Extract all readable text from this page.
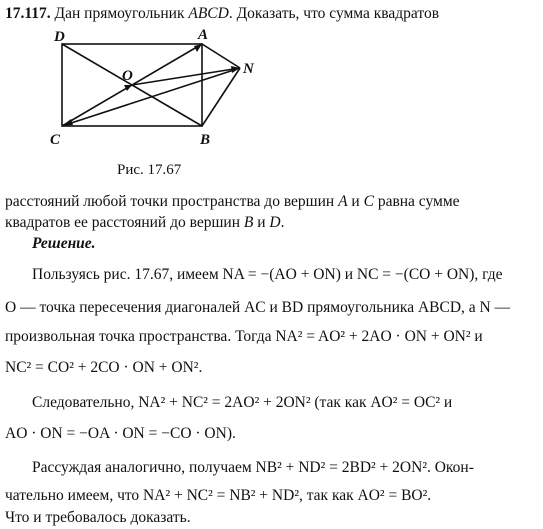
17.117. Дан прямоугольник ABCD. Доказать, что сумма квадратов
D	A
O	N
C	B
Рис. 17.67
расстояний любой точки пространства до вершин A и C равна сумме
квадратов ее расстояний до вершин B и D.
Решение.
Пользуясь рис. 17.67, имеем NA = −(AO + ON) и NC = −(CO + ON), где
O — точка пересечения диагоналей AC и BD прямоугольника ABCD, а N —
произвольная точка пространства. Тогда NA² = AO² + 2AO · ON + ON² и
NC² = CO² + 2CO · ON + ON².
Следовательно, NA² + NC² = 2AO² + 2ON² (так как AO² = OC² и
AO · ON = −OA · ON = −CO · ON).
Рассуждая аналогично, получаем NB² + ND² = 2BD² + 2ON². Окон-
чательно имеем, что NA² + NC² = NB² + ND², так как AO² = BO².
Что и требовалось доказать.
